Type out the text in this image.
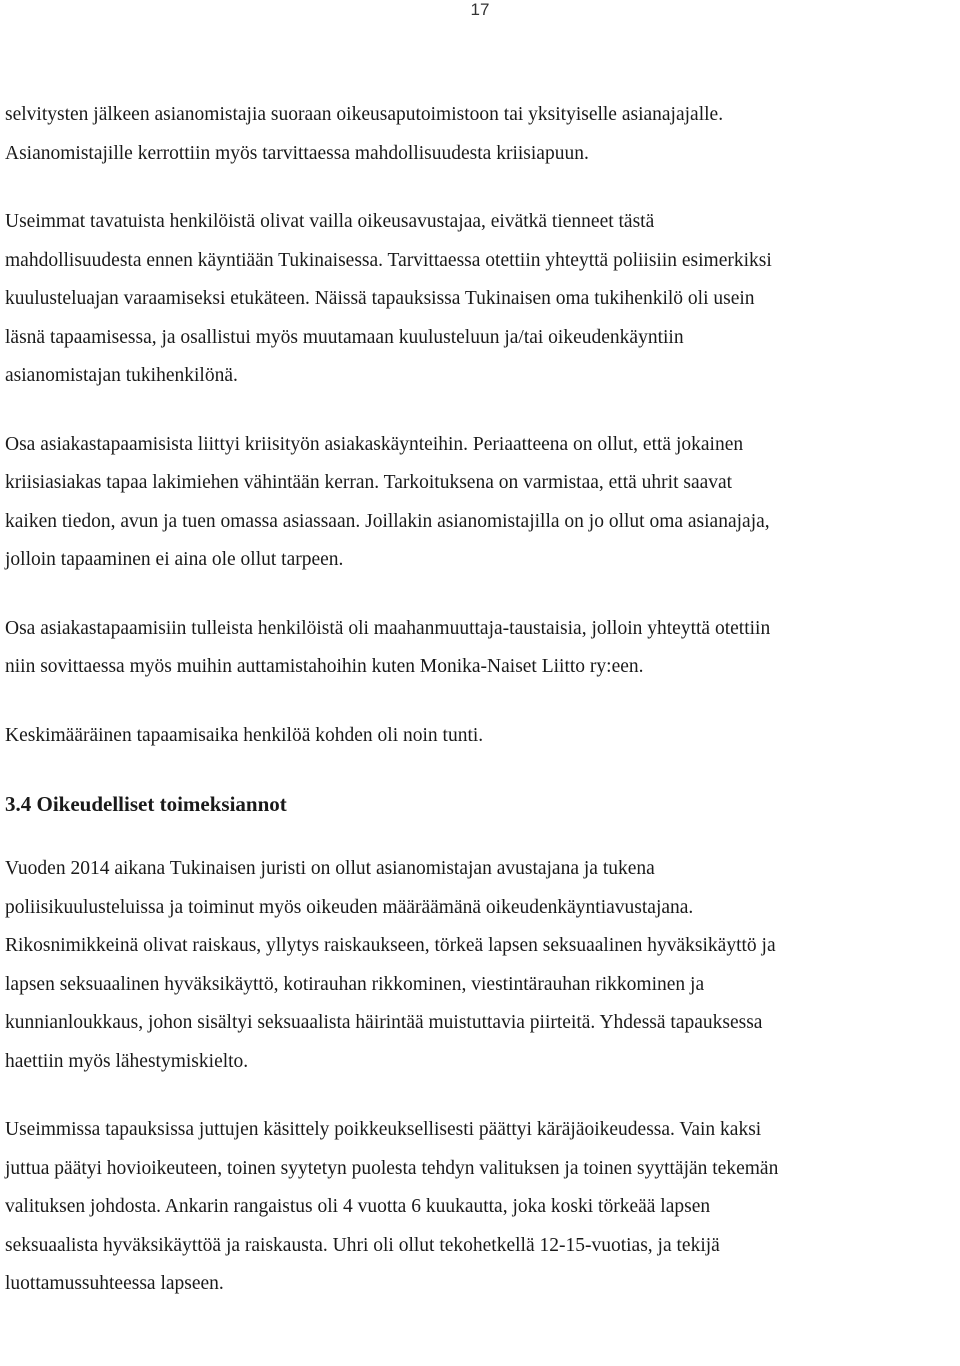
17

selvitysten jälkeen asianomistajia suoraan oikeusaputoimistoon tai yksityiselle asianajajalle.
Asianomistajille kerrottiin myös tarvittaessa mahdollisuudesta kriisiapuun.

Useimmat tavatuista henkilöistä olivat vailla oikeusavustajaa, eivätkä tienneet tästä
mahdollisuudesta ennen käyntiään Tukinaisessa. Tarvittaessa otettiin yhteyttä poliisiin esimerkiksi
kuulusteluajan varaamiseksi etukäteen. Näissä tapauksissa Tukinaisen oma tukihenkilö oli usein
läsnä tapaamisessa, ja osallistui myös muutamaan kuulusteluun ja/tai oikeudenkäyntiin
asianomistajan tukihenkilönä.

Osa asiakastapaamisista liittyi kriisityön asiakaskäynteihin. Periaatteena on ollut, että jokainen
kriisiasiakas tapaa lakimiehen vähintään kerran. Tarkoituksena on varmistaa, että uhrit saavat
kaiken tiedon, avun ja tuen omassa asiassaan. Joillakin asianomistajilla on jo ollut oma asianajaja,
jolloin tapaaminen ei aina ole ollut tarpeen.

Osa asiakastapaamisiin tulleista henkilöistä oli maahanmuuttaja-taustaisia, jolloin yhteyttä otettiin
niin sovittaessa myös muihin auttamistahoihin kuten Monika-Naiset Liitto ry:een.

Keskimääräinen tapaamisaika henkilöä kohden oli noin tunti.

3.4 Oikeudelliset toimeksiannot

Vuoden 2014 aikana Tukinaisen juristi on ollut asianomistajan avustajana ja tukena
poliisikuulusteluissa ja toiminut myös oikeuden määräämänä oikeudenkäyntiavustajana.
Rikosnimikkeinä olivat raiskaus, yllytys raiskaukseen, törkeä lapsen seksuaalinen hyväksikäyttö ja
lapsen seksuaalinen hyväksikäyttö, kotirauhan rikkominen, viestintärauhan rikkominen ja
kunnianloukkaus, johon sisältyi seksuaalista häirintää muistuttavia piirteitä. Yhdessä tapauksessa
haettiin myös lähestymiskielto.

Useimmissa tapauksissa juttujen käsittely poikkeuksellisesti päättyi käräjäoikeudessa. Vain kaksi
juttua päätyi hovioikeuteen, toinen syytetyn puolesta tehdyn valituksen ja toinen syyttäjän tekemän
valituksen johdosta. Ankarin rangaistus oli 4 vuotta 6 kuukautta, joka koski törkeää lapsen
seksuaalista hyväksikäyttöä ja raiskausta. Uhri oli ollut tekohetkellä 12-15-vuotias, ja tekijä
luottamussuhteessa lapseen.
